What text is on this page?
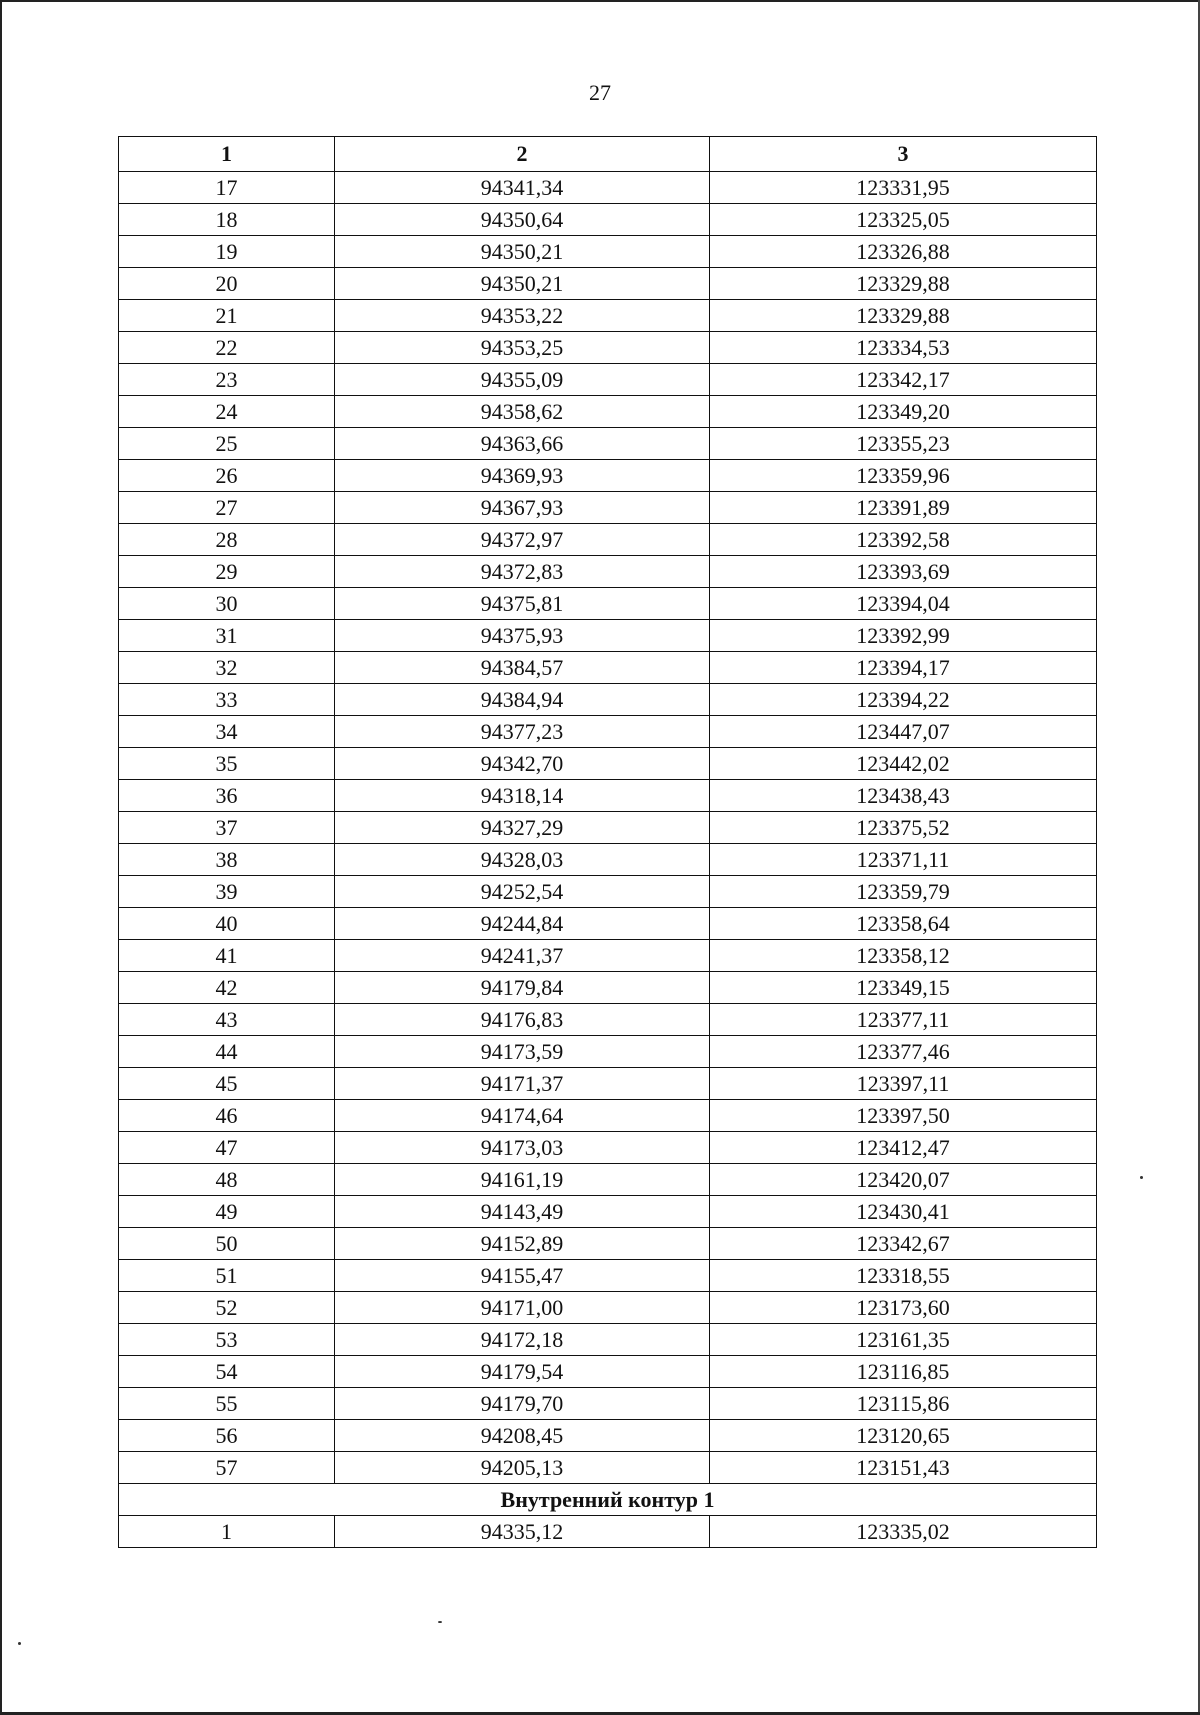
27
1	2	3
17	94341,34	123331,95
18	94350,64	123325,05
19	94350,21	123326,88
20	94350,21	123329,88
21	94353,22	123329,88
22	94353,25	123334,53
23	94355,09	123342,17
24	94358,62	123349,20
25	94363,66	123355,23
26	94369,93	123359,96
27	94367,93	123391,89
28	94372,97	123392,58
29	94372,83	123393,69
30	94375,81	123394,04
31	94375,93	123392,99
32	94384,57	123394,17
33	94384,94	123394,22
34	94377,23	123447,07
35	94342,70	123442,02
36	94318,14	123438,43
37	94327,29	123375,52
38	94328,03	123371,11
39	94252,54	123359,79
40	94244,84	123358,64
41	94241,37	123358,12
42	94179,84	123349,15
43	94176,83	123377,11
44	94173,59	123377,46
45	94171,37	123397,11
46	94174,64	123397,50
47	94173,03	123412,47
48	94161,19	123420,07
49	94143,49	123430,41
50	94152,89	123342,67
51	94155,47	123318,55
52	94171,00	123173,60
53	94172,18	123161,35
54	94179,54	123116,85
55	94179,70	123115,86
56	94208,45	123120,65
57	94205,13	123151,43
Внутренний контур 1		
1	94335,12	123335,02
